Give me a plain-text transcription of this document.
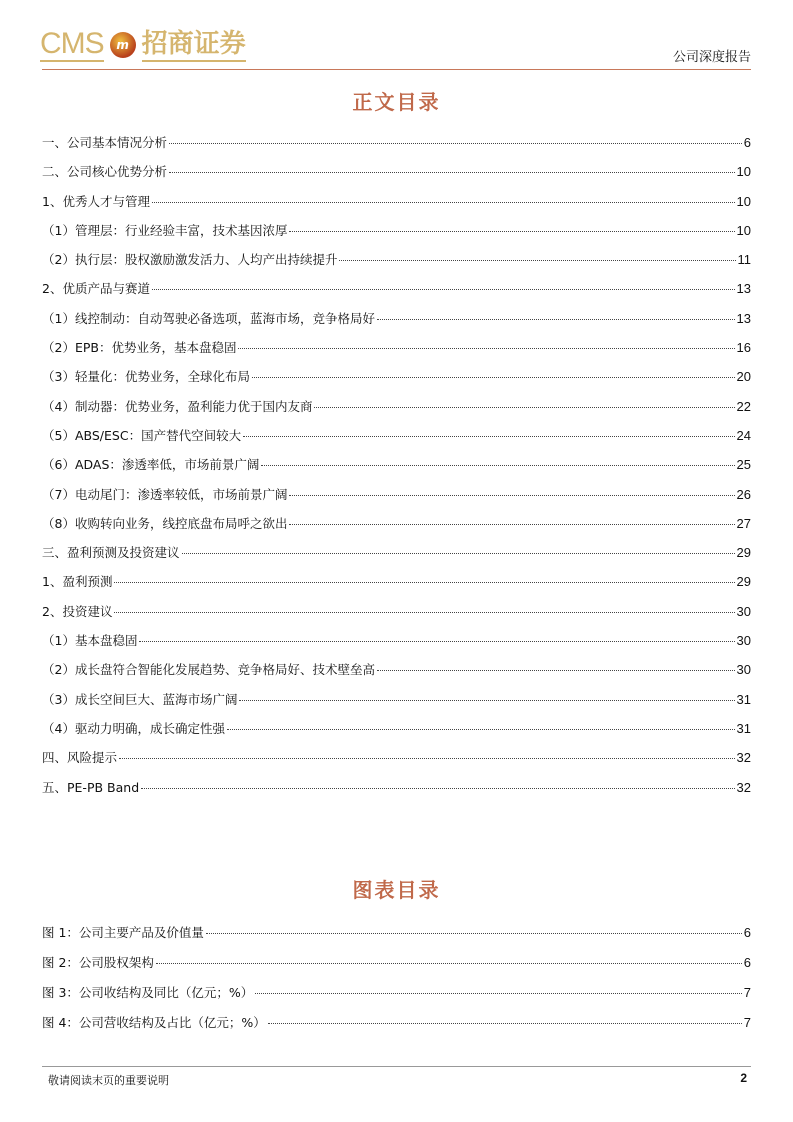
CMS	m 招商证券	公司深度报告
正文目录
一、公司基本情况分析	6
二、公司核心优势分析	10
1、优秀人才与管理	10
（1）管理层：行业经验丰富，技术基因浓厚	10
（2）执行层：股权激励激发活力、人均产出持续提升	11
2、优质产品与赛道	13
（1）线控制动：自动驾驶必备选项，蓝海市场，竞争格局好	13
（2）EPB：优势业务，基本盘稳固	16
（3）轻量化：优势业务，全球化布局	20
（4）制动器：优势业务，盈利能力优于国内友商	22
（5）ABS/ESC：国产替代空间较大	24
（6）ADAS：渗透率低，市场前景广阔	25
（7）电动尾门：渗透率较低，市场前景广阔	26
（8）收购转向业务，线控底盘布局呼之欲出	27
三、盈利预测及投资建议	29
1、盈利预测	29
2、投资建议	30
（1）基本盘稳固	30
（2）成长盘符合智能化发展趋势、竞争格局好、技术壁垒高	30
（3）成长空间巨大、蓝海市场广阔	31
（4）驱动力明确，成长确定性强	31
四、风险提示	32
五、PE-PB Band	32
图表目录
图 1：公司主要产品及价值量	6
图 2：公司股权架构	6
图 3：公司收结构及同比（亿元；%）	7
图 4：公司营收结构及占比（亿元；%）	7
敬请阅读末页的重要说明	2
